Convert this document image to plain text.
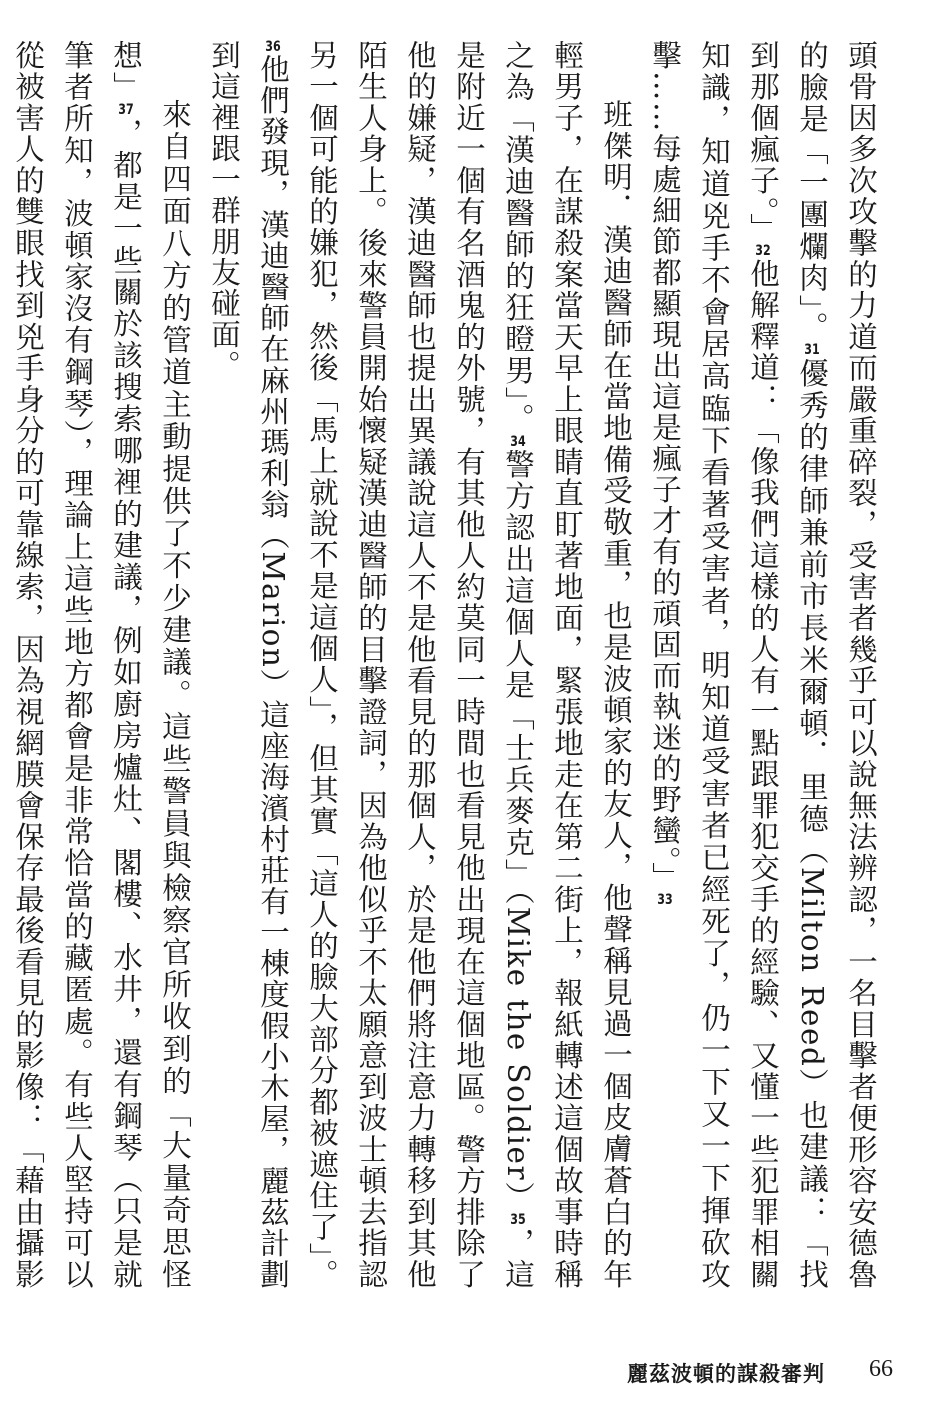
頭骨因多次攻擊的力道而嚴重碎裂，受害者幾乎可以說無法辨認，一名目擊者便形容安德魯的臉是「一團爛肉」。31優秀的律師兼前市長米爾頓．里德（Milton Reed）也建議：「找到那個瘋子。」32他解釋道：「像我們這樣的人有一點跟罪犯交手的經驗、又懂一些犯罪相關知識，知道兇手不會居高臨下看著受害者，明知道受害者已經死了，仍一下又一下揮砍攻擊……每處細節都顯現出這是瘋子才有的頑固而執迷的野蠻。」33

班傑明．漢迪醫師在當地備受敬重，也是波頓家的友人，他聲稱見過一個皮膚蒼白的年輕男子，在謀殺案當天早上眼睛直盯著地面，緊張地走在第二街上，報紙轉述這個故事時稱之為「漢迪醫師的狂瞪男」。34警方認出這個人是「士兵麥克」（Mike the Soldier）35，這是附近一個有名酒鬼的外號，有其他人約莫同一時間也看見他出現在這個地區。警方排除了他的嫌疑，漢迪醫師也提出異議說這人不是他看見的那個人，於是他們將注意力轉移到其他陌生人身上。後來警員開始懷疑漢迪醫師的目擊證詞，因為他似乎不太願意到波士頓去指認另一個可能的嫌犯，然後「馬上就說不是這個人」，但其實「這人的臉大部分都被遮住了」。36他們發現，漢迪醫師在麻州瑪利翁（Marion）這座海濱村莊有一棟度假小木屋，麗茲計劃到這裡跟一群朋友碰面。

來自四面八方的管道主動提供了不少建議。這些警員與檢察官所收到的「大量奇思怪想」37，都是一些關於該搜索哪裡的建議，例如廚房爐灶、閣樓、水井，還有鋼琴（只是就筆者所知，波頓家沒有鋼琴），理論上這些地方都會是非常恰當的藏匿處。有些人堅持可以從被害人的雙眼找到兇手身分的可靠線索，因為視網膜會保存最後看見的影像：「藉由攝影

麗茲波頓的謀殺審判 66
